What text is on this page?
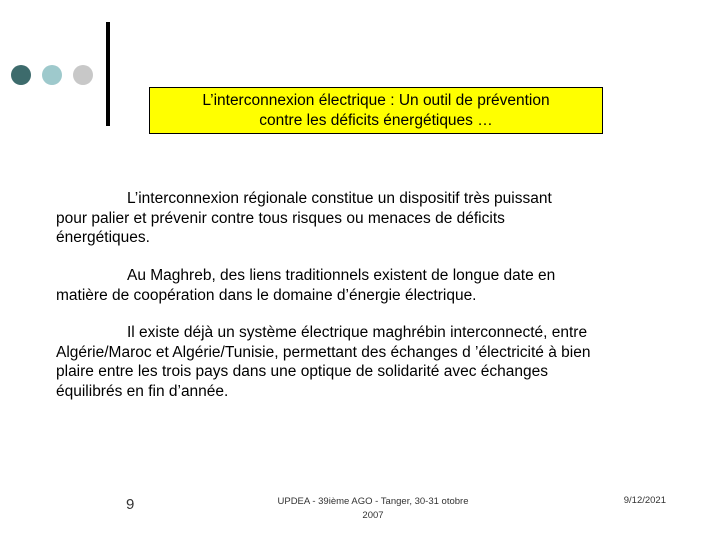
L’interconnexion électrique : Un outil de prévention
contre les déficits énergétiques …
L’interconnexion régionale constitue un dispositif très puissant
pour palier et prévenir contre tous risques ou menaces de déficits
énergétiques.
Au Maghreb, des liens traditionnels existent de longue date en
matière de coopération dans le domaine d’énergie électrique.
Il existe déjà un système électrique maghrébin interconnecté, entre
Algérie/Maroc et Algérie/Tunisie, permettant des échanges d ’électricité à bien
plaire entre les trois pays dans une optique de solidarité avec échanges
équilibrés en fin d’année.
9	UPDEA - 39ième AGO - Tanger, 30-31 otobre
2007
9/12/2021
